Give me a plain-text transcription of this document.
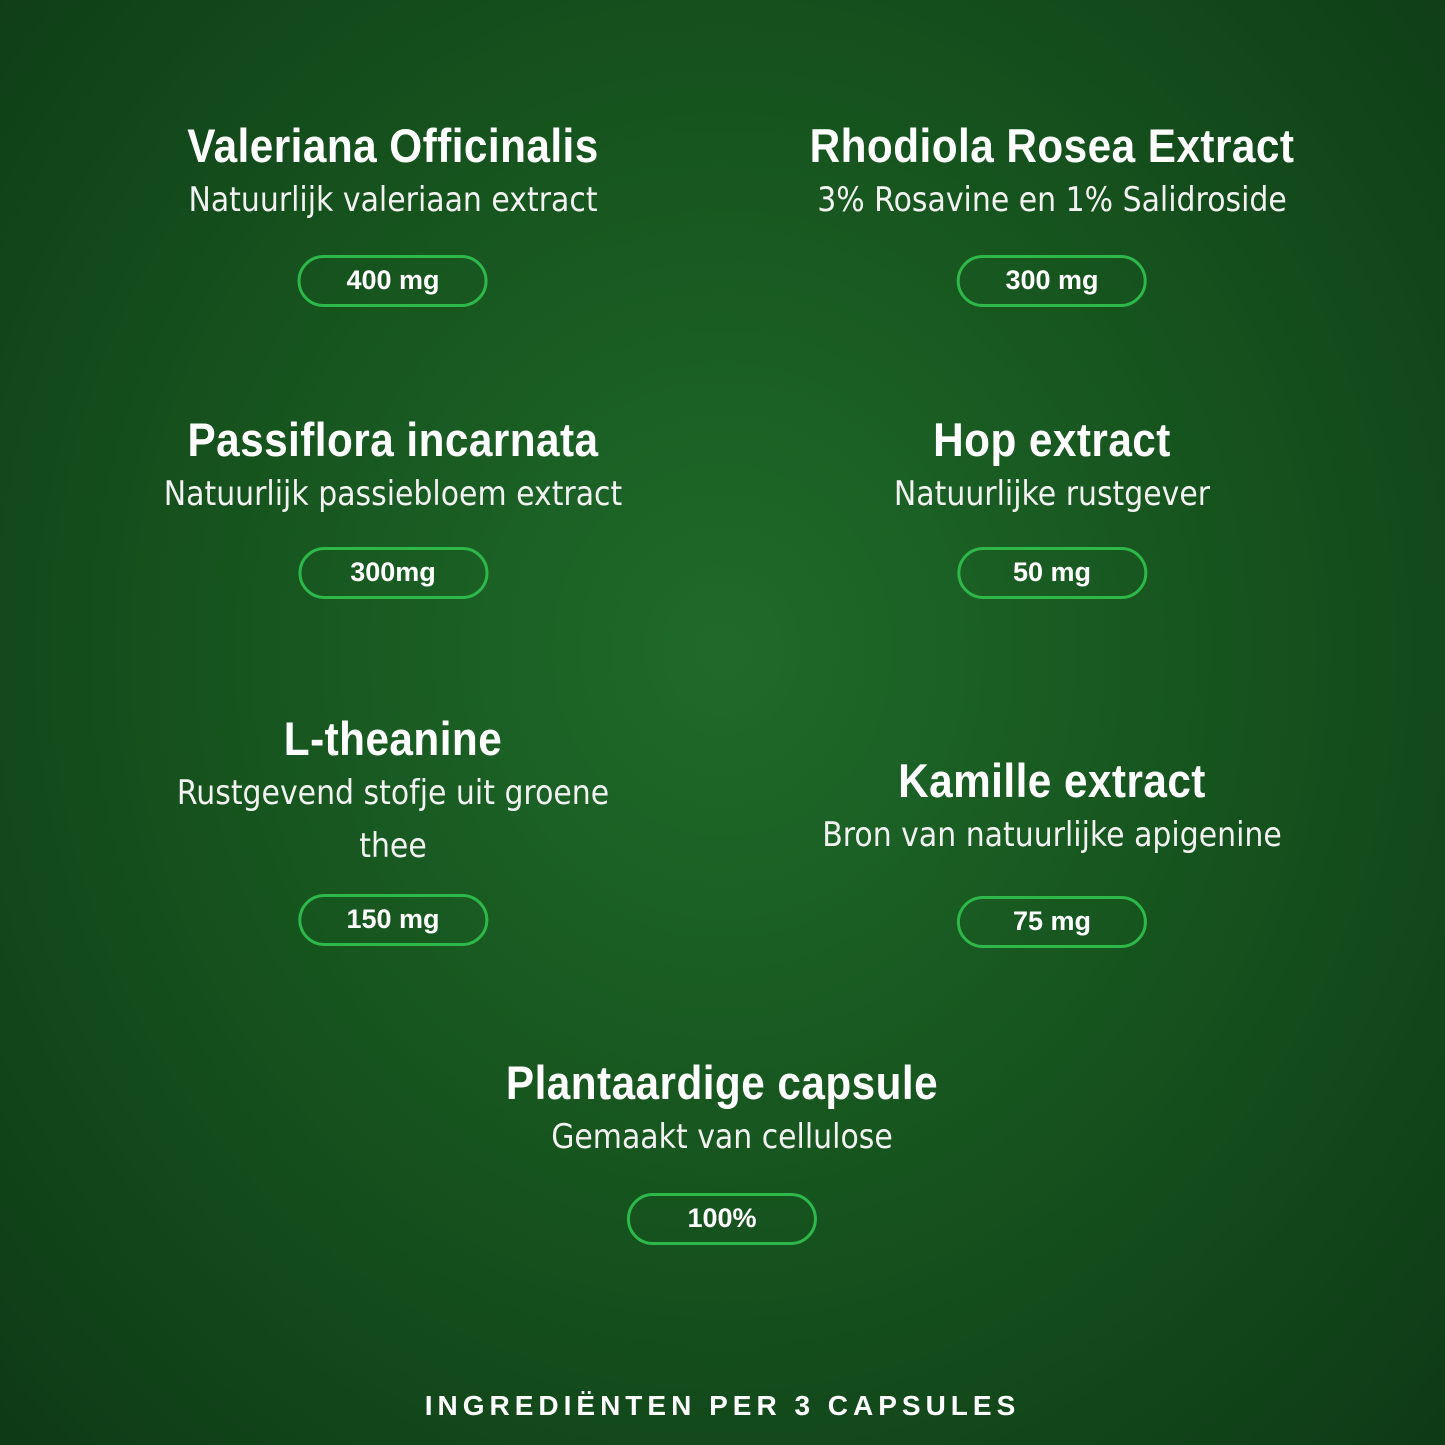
Valeriana Officinalis
Natuurlijk valeriaan extract
400 mg
Rhodiola Rosea Extract
3% Rosavine en 1% Salidroside
300 mg
Passiflora incarnata
Natuurlijk passiebloem extract
300mg
Hop extract
Natuurlijke rustgever
50 mg
L-theanine
Rustgevend stofje uit groene
thee
150 mg
Kamille extract
Bron van natuurlijke apigenine
75 mg
Plantaardige capsule
Gemaakt van cellulose
100%
INGREDIËNTEN PER 3 CAPSULES
